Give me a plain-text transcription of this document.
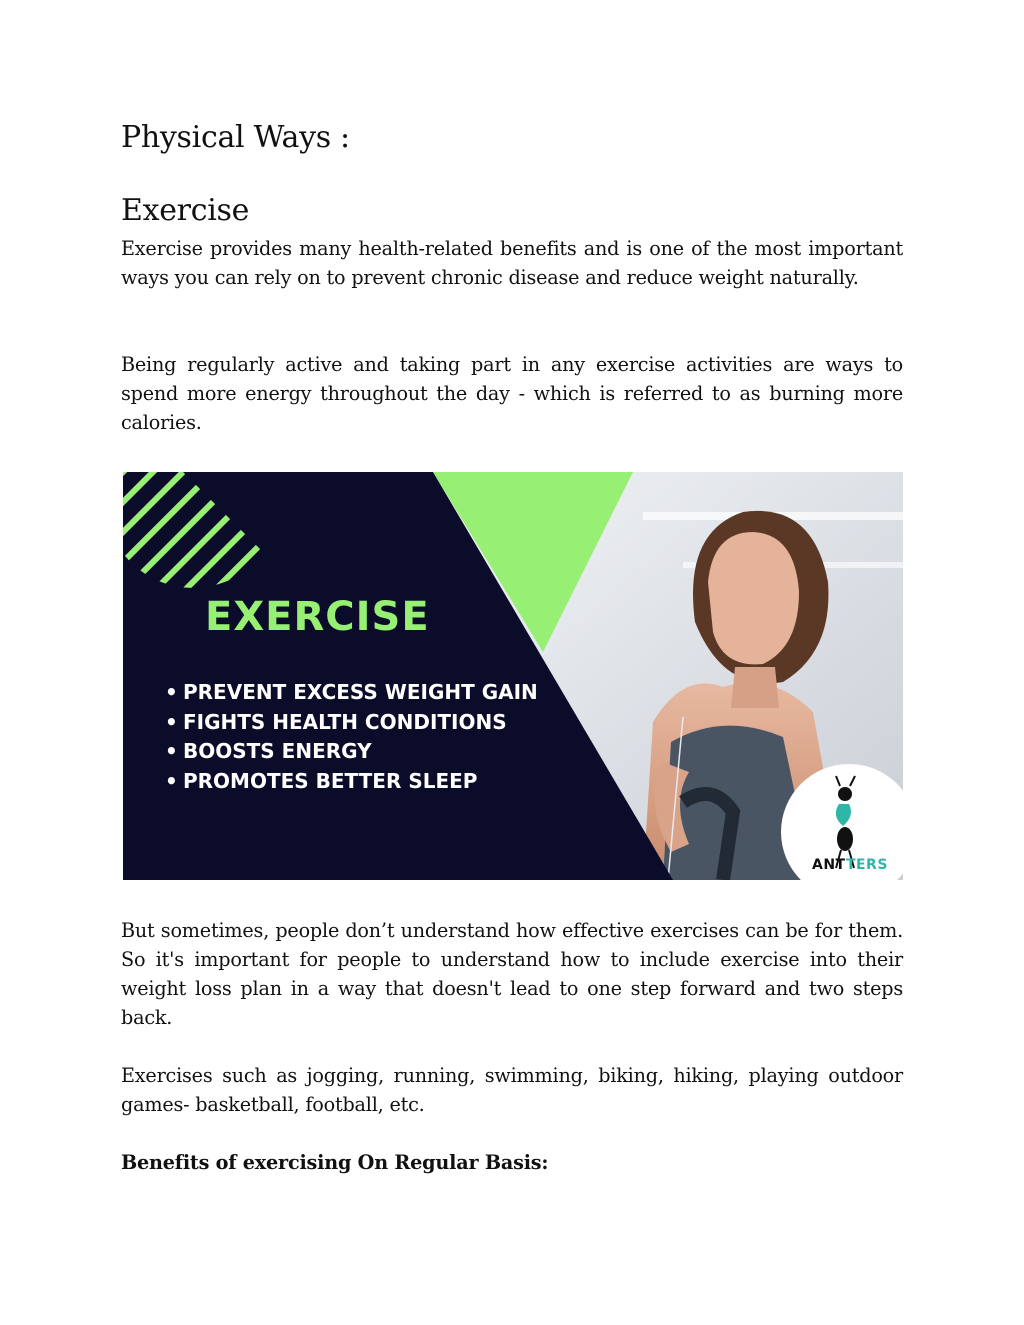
Physical Ways :
Exercise

Exercise provides many health-related benefits and is one of the most important ways you can rely on to prevent chronic disease and reduce weight naturally.

Being regularly active and taking part in any exercise activities are ways to spend more energy throughout the day - which is referred to as burning more calories.

EXERCISE
• PREVENT EXCESS WEIGHT GAIN
• FIGHTS HEALTH CONDITIONS
• BOOSTS ENERGY
• PROMOTES BETTER SLEEP
ANTTERS

But sometimes, people don’t understand how effective exercises can be for them. So it's important for people to understand how to include exercise into their weight loss plan in a way that doesn't lead to one step forward and two steps back.

Exercises such as jogging, running, swimming, biking, hiking, playing outdoor games- basketball, football, etc.

Benefits of exercising On Regular Basis:
